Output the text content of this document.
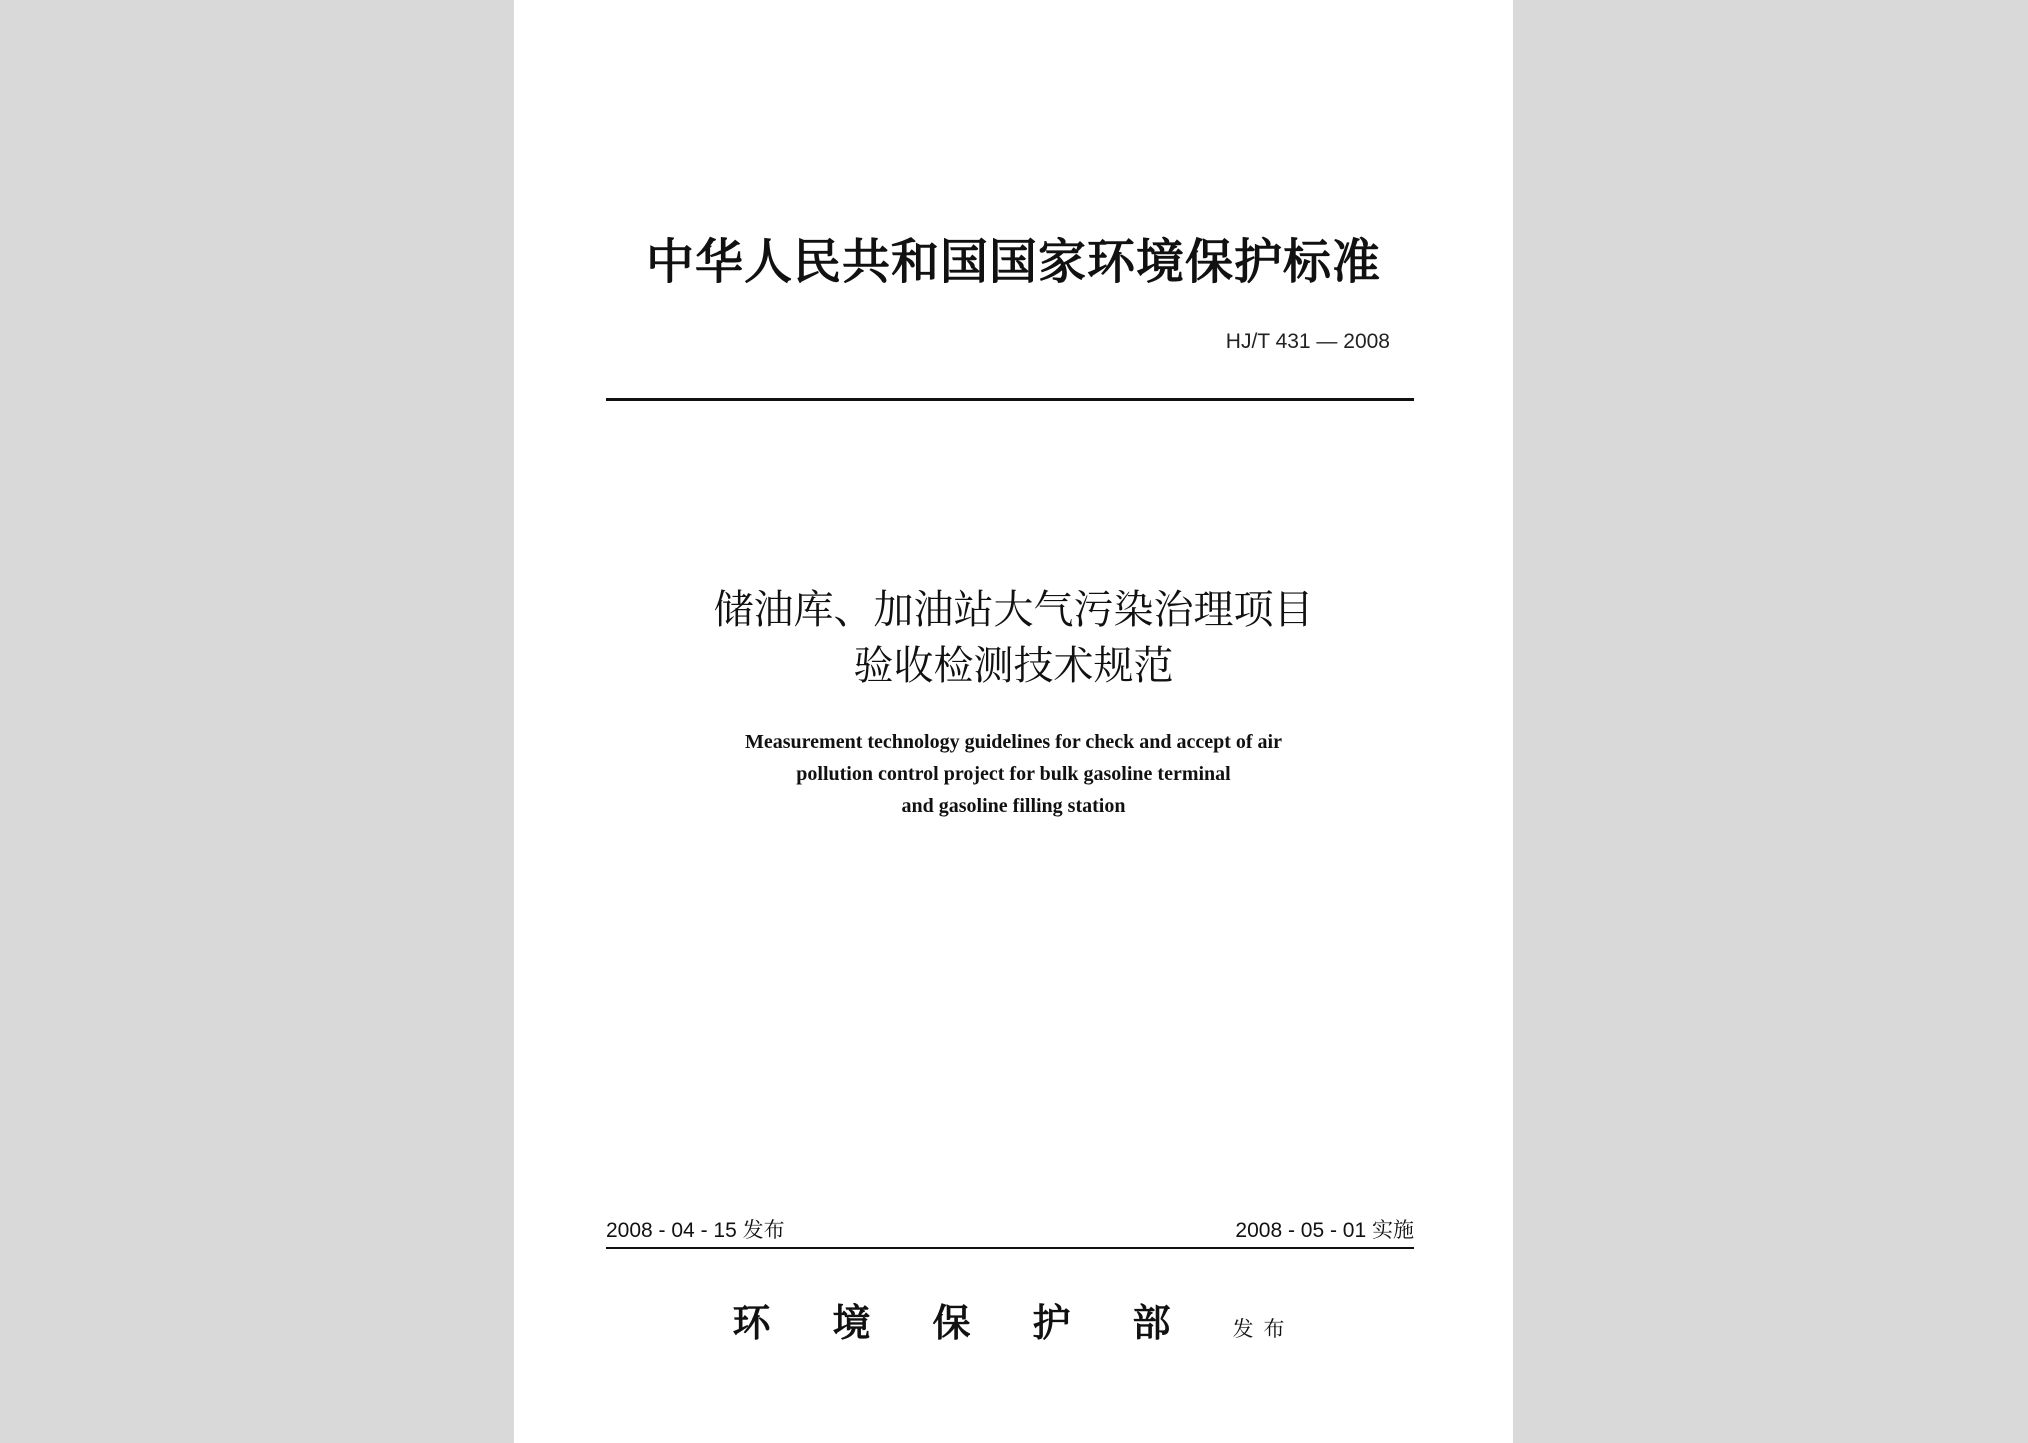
中华人民共和国国家环境保护标准
HJ/T 431 — 2008
储油库、加油站大气污染治理项目
验收检测技术规范
Measurement technology guidelines for check and accept of air
pollution control project for bulk gasoline terminal
and gasoline filling station
2008 - 04 - 15 发布	2008 - 05 - 01 实施
环境保护部发布
